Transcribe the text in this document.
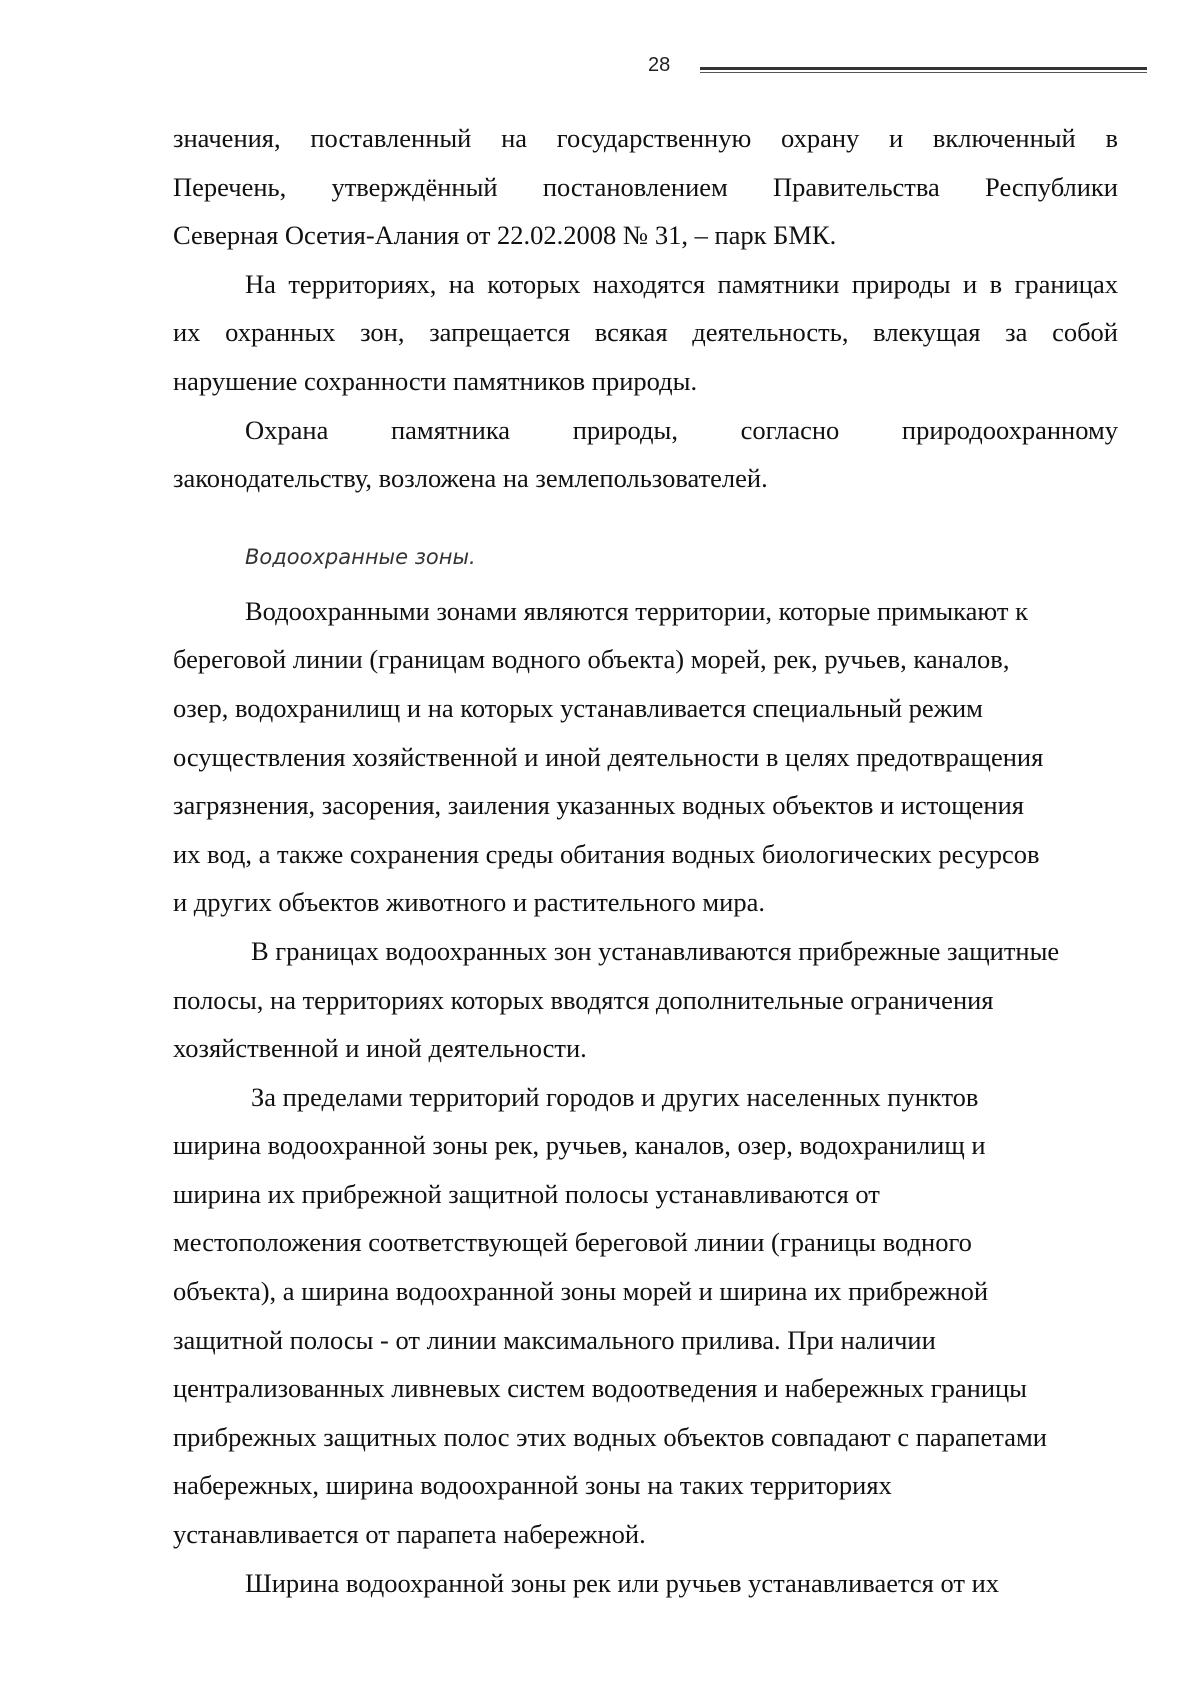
28
значения, поставленный на государственную охрану и включенный в
Перечень, утверждённый постановлением Правительства Республики
Северная Осетия-Алания от 22.02.2008 № 31, – парк БМК.
На территориях, на которых находятся памятники природы и в границах
их охранных зон, запрещается всякая деятельность, влекущая за собой
нарушение сохранности памятников природы.
Охрана памятника природы, согласно природоохранному
законодательству, возложена на землепользователей.
Водоохранные зоны.
Водоохранными зонами являются территории, которые примыкают к
береговой линии (границам водного объекта) морей, рек, ручьев, каналов,
озер, водохранилищ и на которых устанавливается специальный режим
осуществления хозяйственной и иной деятельности в целях предотвращения
загрязнения, засорения, заиления указанных водных объектов и истощения
их вод, а также сохранения среды обитания водных биологических ресурсов
и других объектов животного и растительного мира.
В границах водоохранных зон устанавливаются прибрежные защитные
полосы, на территориях которых вводятся дополнительные ограничения
хозяйственной и иной деятельности.
За пределами территорий городов и других населенных пунктов
ширина водоохранной зоны рек, ручьев, каналов, озер, водохранилищ и
ширина их прибрежной защитной полосы устанавливаются от
местоположения соответствующей береговой линии (границы водного
объекта), а ширина водоохранной зоны морей и ширина их прибрежной
защитной полосы - от линии максимального прилива. При наличии
централизованных ливневых систем водоотведения и набережных границы
прибрежных защитных полос этих водных объектов совпадают с парапетами
набережных, ширина водоохранной зоны на таких территориях
устанавливается от парапета набережной.
Ширина водоохранной зоны рек или ручьев устанавливается от их
